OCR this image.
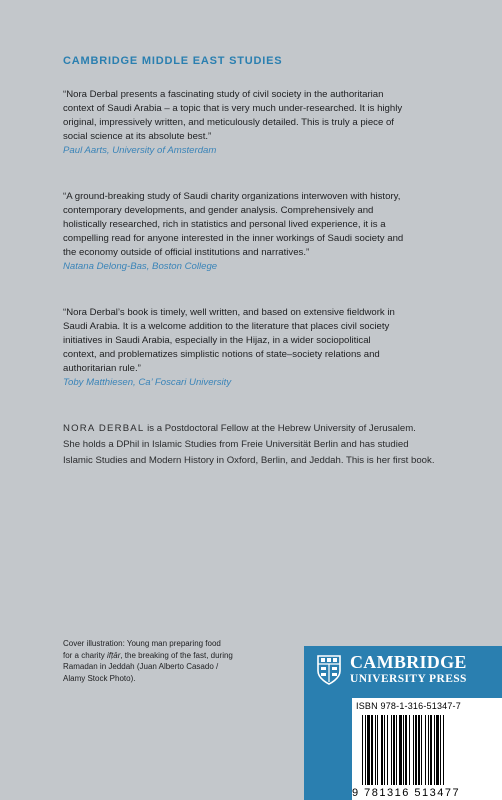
CAMBRIDGE MIDDLE EAST STUDIES
“Nora Derbal presents a fascinating study of civil society in the authoritarian
context of Saudi Arabia – a topic that is very much under-researched. It is highly
original, impressively written, and meticulously detailed. This is truly a piece of
social science at its absolute best.”
Paul Aarts, University of Amsterdam
“A ground-breaking study of Saudi charity organizations interwoven with history,
contemporary developments, and gender analysis. Comprehensively and
holistically researched, rich in statistics and personal lived experience, it is a
compelling read for anyone interested in the inner workings of Saudi society and
the economy outside of official institutions and narratives.”
Natana Delong-Bas, Boston College
“Nora Derbal’s book is timely, well written, and based on extensive fieldwork in
Saudi Arabia. It is a welcome addition to the literature that places civil society
initiatives in Saudi Arabia, especially in the Hijaz, in a wider sociopolitical
context, and problematizes simplistic notions of state–society relations and
authoritarian rule.”
Toby Matthiesen, Ca’ Foscari University
NORA DERBAL is a Postdoctoral Fellow at the Hebrew University of Jerusalem.
She holds a DPhil in Islamic Studies from Freie Universität Berlin and has studied
Islamic Studies and Modern History in Oxford, Berlin, and Jeddah. This is her first book.
Cover illustration: Young man preparing food
for a charity ifṭār, the breaking of the fast, during
Ramadan in Jeddah (Juan Alberto Casado /
Alamy Stock Photo).
CAMBRIDGE
UNIVERSITY PRESS
ISBN 978-1-316-51347-7
9 781316 513477
